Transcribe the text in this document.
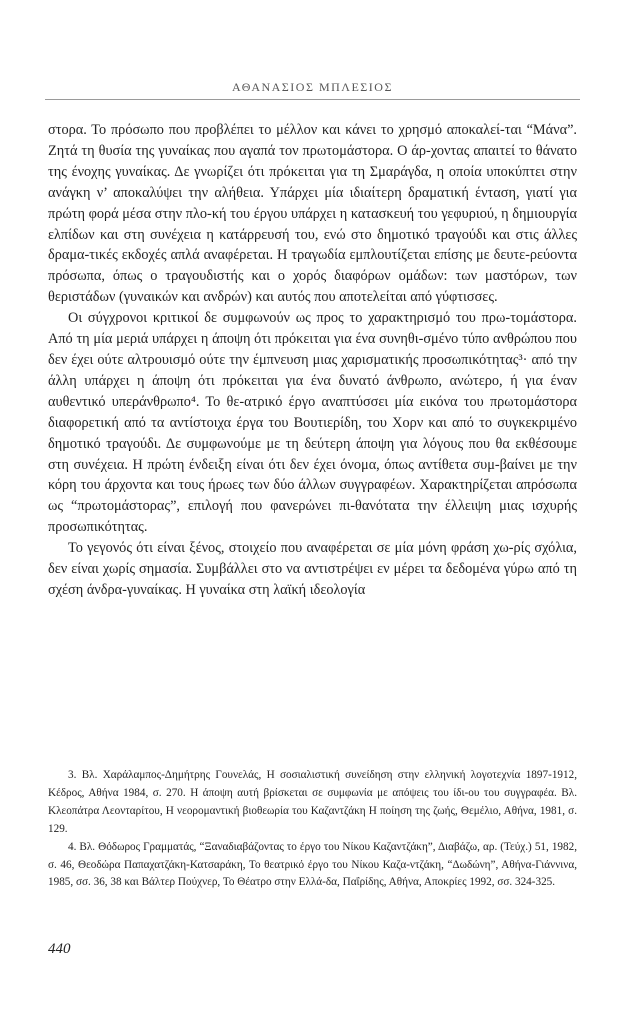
ΑΘΑΝΑΣΙΟΣ ΜΠΛΕΣΙΟΣ

στορα. Το πρόσωπο που προβλέπει το μέλλον και κάνει το χρησμό αποκαλεί-ται “Μάνα”. Ζητά τη θυσία της γυναίκας που αγαπά τον πρωτομάστορα. Ο άρ-χοντας απαιτεί το θάνατο της ένοχης γυναίκας. Δε γνωρίζει ότι πρόκειται για τη Σμαράγδα, η οποία υποκύπτει στην ανάγκη ν’ αποκαλύψει την αλήθεια. Υπάρχει μία ιδιαίτερη δραματική ένταση, γιατί για πρώτη φορά μέσα στην πλο-κή του έργου υπάρχει η κατασκευή του γεφυριού, η δημιουργία ελπίδων και στη συνέχεια η κατάρρευσή του, ενώ στο δημοτικό τραγούδι και στις άλλες δραμα-τικές εκδοχές απλά αναφέρεται. Η τραγωδία εμπλουτίζεται επίσης με δευτε-ρεύοντα πρόσωπα, όπως ο τραγουδιστής και ο χορός διαφόρων ομάδων: των μαστόρων, των θεριστάδων (γυναικών και ανδρών) και αυτός που αποτελείται από γύφτισσες.

Οι σύγχρονοι κριτικοί δε συμφωνούν ως προς το χαρακτηρισμό του πρω-τομάστορα. Από τη μία μεριά υπάρχει η άποψη ότι πρόκειται για ένα συνηθι-σμένο τύπο ανθρώπου που δεν έχει ούτε αλτρουισμό ούτε την έμπνευση μιας χαρισματικής προσωπικότητας³· από την άλλη υπάρχει η άποψη ότι πρόκειται για ένα δυνατό άνθρωπο, ανώτερο, ή για έναν αυθεντικό υπεράνθρωπο⁴. Το θε-ατρικό έργο αναπτύσσει μία εικόνα του πρωτομάστορα διαφορετική από τα αντίστοιχα έργα του Βουτιερίδη, του Χορν και από το συγκεκριμένο δημοτικό τραγούδι. Δε συμφωνούμε με τη δεύτερη άποψη για λόγους που θα εκθέσουμε στη συνέχεια. Η πρώτη ένδειξη είναι ότι δεν έχει όνομα, όπως αντίθετα συμ-βαίνει με την κόρη του άρχοντα και τους ήρωες των δύο άλλων συγγραφέων. Χαρακτηρίζεται απρόσωπα ως “πρωτομάστορας”, επιλογή που φανερώνει πι-θανότατα την έλλειψη μιας ισχυρής προσωπικότητας.

Το γεγονός ότι είναι ξένος, στοιχείο που αναφέρεται σε μία μόνη φράση χω-ρίς σχόλια, δεν είναι χωρίς σημασία. Συμβάλλει στο να αντιστρέψει εν μέρει τα δεδομένα γύρω από τη σχέση άνδρα-γυναίκας. Η γυναίκα στη λαϊκή ιδεολογία

3. Βλ. Χαράλαμπος-Δημήτρης Γουνελάς, Η σοσιαλιστική συνείδηση στην ελληνική λογοτεχνία 1897-1912, Κέδρος, Αθήνα 1984, σ. 270. Η άποψη αυτή βρίσκεται σε συμφωνία με απόψεις του ίδι-ου του συγγραφέα. Βλ. Κλεοπάτρα Λεονταρίτου, Η νεορομαντική βιοθεωρία του Καζαντζάκη Η ποίηση της ζωής, Θεμέλιο, Αθήνα, 1981, σ. 129.

4. Βλ. Θόδωρος Γραμματάς, “Ξαναδιαβάζοντας το έργο του Νίκου Καζαντζάκη”, Διαβάζω, αρ. (Τεύχ.) 51, 1982, σ. 46, Θεοδώρα Παπαχατζάκη-Κατσαράκη, Το θεατρικό έργο του Νίκου Καζα-ντζάκη, “Δωδώνη”, Αθήνα-Γιάννινα, 1985, σσ. 36, 38 και Βάλτερ Πούχνερ, Το Θέατρο στην Ελλά-δα, Παΐρίδης, Αθήνα, Αποκρίες 1992, σσ. 324-325.

440
